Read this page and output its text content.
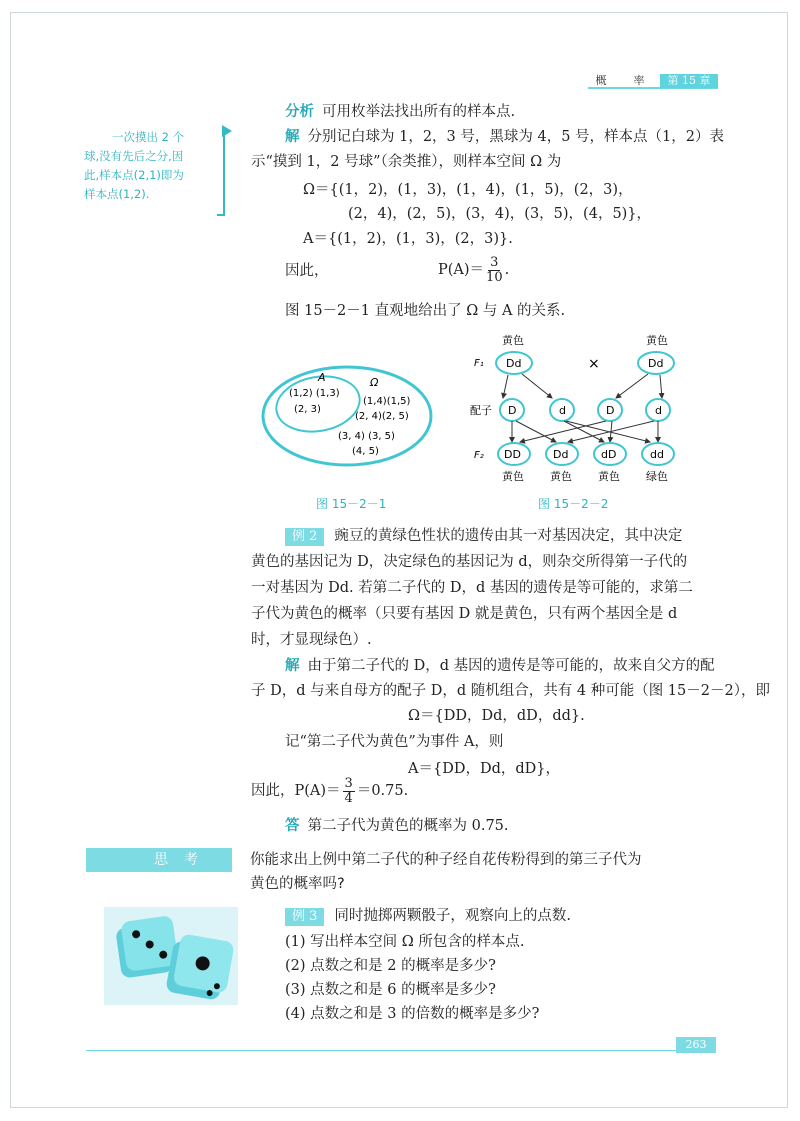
概　率	第 15 章
一次摸出 2 个
球,没有先后之分,因
此,样本点(2,1)即为
样本点(1,2).
分析 可用枚举法找出所有的样本点.
解 分别记白球为 1，2，3 号，黑球为 4，5 号，样本点（1，2）表
示“摸到 1，2 号球”（余类推），则样本空间 Ω 为
Ω＝{(1，2)，(1，3)，(1，4)，(1，5)，(2，3)，
(2，4)，(2，5)，(3，4)，(3，5)，(4，5)}，
A＝{(1，2)，(1，3)，(2，3)}.
因此，	$P(A)= \frac{3}{10}$ .
图 15－2－1 直观地给出了 Ω 与 A 的关系.
A	Ω
(1,2) (1,3)
(2, 3)
(1,4)(1,5)
(2, 4)(2, 5)
(3, 4) (3, 5)
(4, 5)
图 15－2－1
黄色	黄色
F₁ Dd	×	Dd
配子 D	d	D	d
F₂ DD	Dd	dD	dd
黄色 黄色 黄色 绿色
图 15－2－2
例 2 豌豆的黄绿色性状的遗传由其一对基因决定，其中决定
黄色的基因记为 D，决定绿色的基因记为 d，则杂交所得第一子代的
一对基因为 Dd. 若第二子代的 D，d 基因的遗传是等可能的，求第二
子代为黄色的概率（只要有基因 D 就是黄色，只有两个基因全是 d
时，才显现绿色）.
解 由于第二子代的 D，d 基因的遗传是等可能的，故来自父方的配
子 D，d 与来自母方的配子 D，d 随机组合，共有 4 种可能（图 15－2－2），即
Ω＝{DD，Dd，dD，dd}.
记“第二子代为黄色”为事件 A，则
A＝{DD，Dd，dD}，
因此，$P(A)= \frac{3}{4} =0.75$.
答 第二子代为黄色的概率为 0.75.
思考	你能求出上例中第二子代的种子经自花传粉得到的第三子代为
黄色的概率吗?
例 3 同时抛掷两颗骰子，观察向上的点数.
(1) 写出样本空间 Ω 所包含的样本点.
(2) 点数之和是 2 的概率是多少?
(3) 点数之和是 6 的概率是多少?
(4) 点数之和是 3 的倍数的概率是多少?
263
